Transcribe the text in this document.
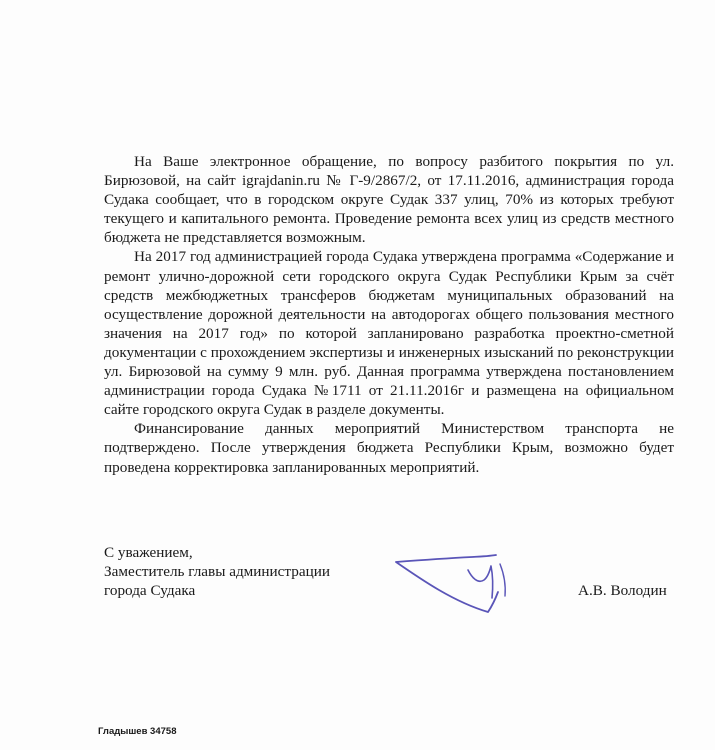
На Ваше электронное обращение, по вопросу разбитого покрытия по ул. Бирюзовой, на сайт igrajdanin.ru № Г-9/2867/2, от 17.11.2016, администрация города Судака сообщает, что в городском округе Судак 337 улиц, 70% из которых требуют текущего и капитального ремонта. Проведение ремонта всех улиц из средств местного бюджета не представляется возможным.

На 2017 год администрацией города Судака утверждена программа «Содержание и ремонт улично-дорожной сети городского округа Судак Республики Крым за счёт средств межбюджетных трансферов бюджетам муниципальных образований на осуществление дорожной деятельности на автодорогах общего пользования местного значения на 2017 год» по которой запланировано разработка проектно-сметной документации с прохождением экспертизы и инженерных изысканий по реконструкции ул. Бирюзовой на сумму 9 млн. руб. Данная программа утверждена постановлением администрации города Судака №1711 от 21.11.2016г и размещена на официальном сайте городского округа Судак в разделе документы.

Финансирование данных мероприятий Министерством транспорта не подтверждено. После утверждения бюджета Республики Крым, возможно будет проведена корректировка запланированных мероприятий.

С уважением,
Заместитель главы администрации
города Судака	А.В. Володин
Гладышев 34758
